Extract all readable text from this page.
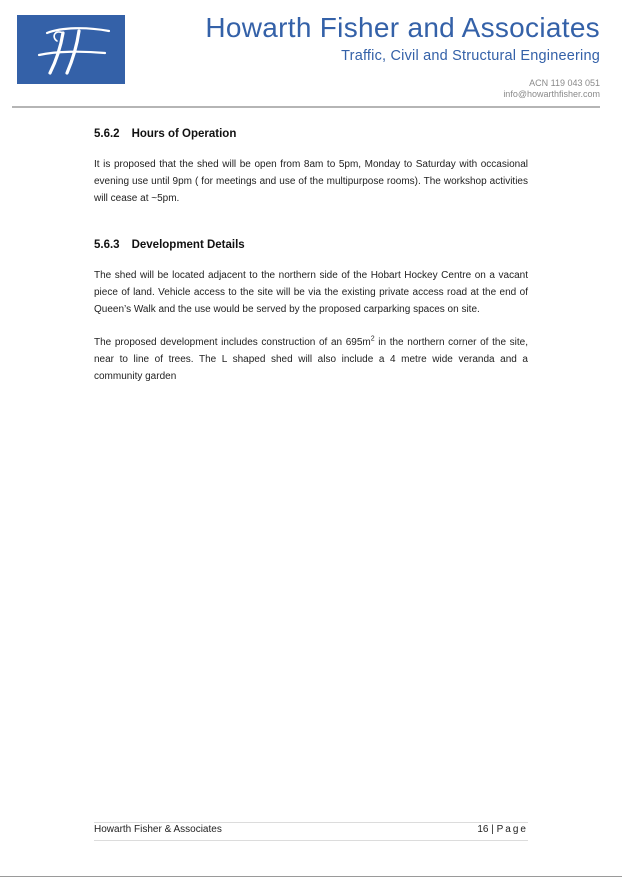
Howarth Fisher and Associates
Traffic, Civil and Structural Engineering
ACN 119 043 051
info@howarthfisher.com
5.6.2 Hours of Operation

It is proposed that the shed will be open from 8am to 5pm, Monday to Saturday with occasional evening use until 9pm ( for meetings and use of the multipurpose rooms). The workshop activities will cease at ~5pm.

5.6.3 Development Details

The shed will be located adjacent to the northern side of the Hobart Hockey Centre on a vacant piece of land. Vehicle access to the site will be via the existing private access road at the end of Queen’s Walk and the use would be served by the proposed carparking spaces on site.

The proposed development includes construction of an $695m^2$ in the northern corner of the site, near to line of trees. The L shaped shed will also include a 4 metre wide veranda and a community garden

Howarth Fisher & Associates	16 | Page
